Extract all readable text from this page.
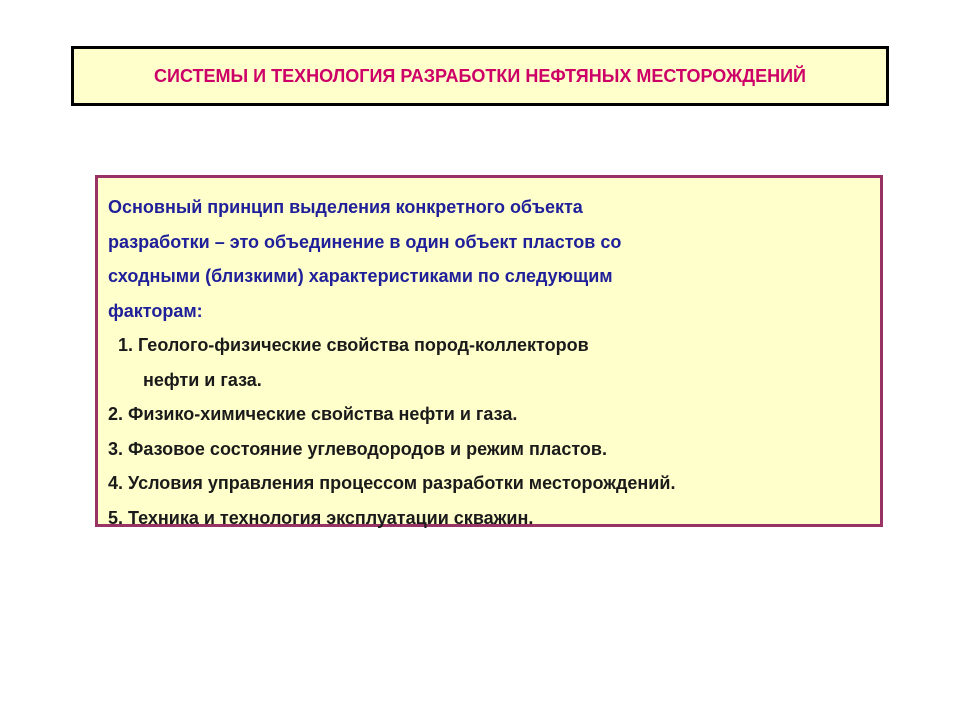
СИСТЕМЫ И ТЕХНОЛОГИЯ РАЗРАБОТКИ НЕФТЯНЫХ МЕСТОРОЖДЕНИЙ
Основный принцип выделения конкретного объекта
разработки – это объединение в один объект пластов со
сходными (близкими) характеристиками по следующим
факторам:
1. Геолого-физические свойства пород-коллекторов
нефти и газа.
2. Физико-химические свойства нефти и газа.
3. Фазовое состояние углеводородов и режим пластов.
4. Условия управления процессом разработки месторождений.
5. Техника и технология эксплуатации скважин.
